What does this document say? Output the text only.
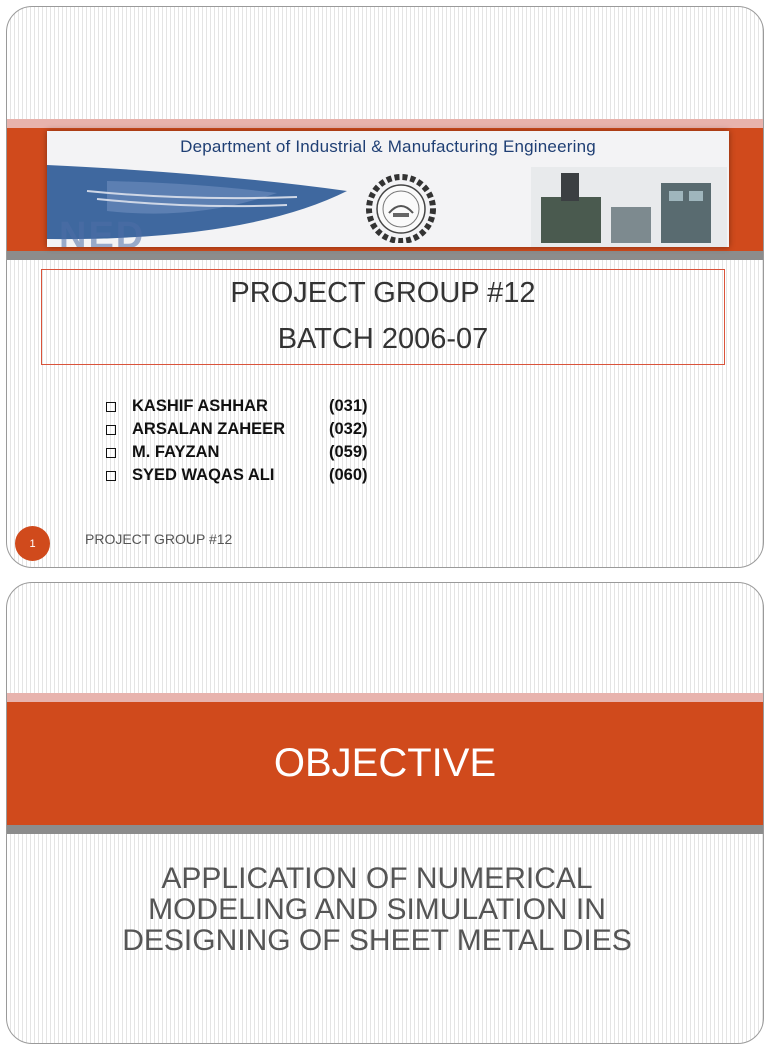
Department of Industrial & Manufacturing Engineering
NED
PROJECT GROUP #12
BATCH 2006-07
KASHIF ASHHAR	(031)
ARSALAN ZAHEER	(032)
M. FAYZAN	(059)
SYED WAQAS ALI	(060)
1	PROJECT GROUP #12
OBJECTIVE
APPLICATION OF NUMERICAL MODELING AND SIMULATION IN DESIGNING OF SHEET METAL DIES
